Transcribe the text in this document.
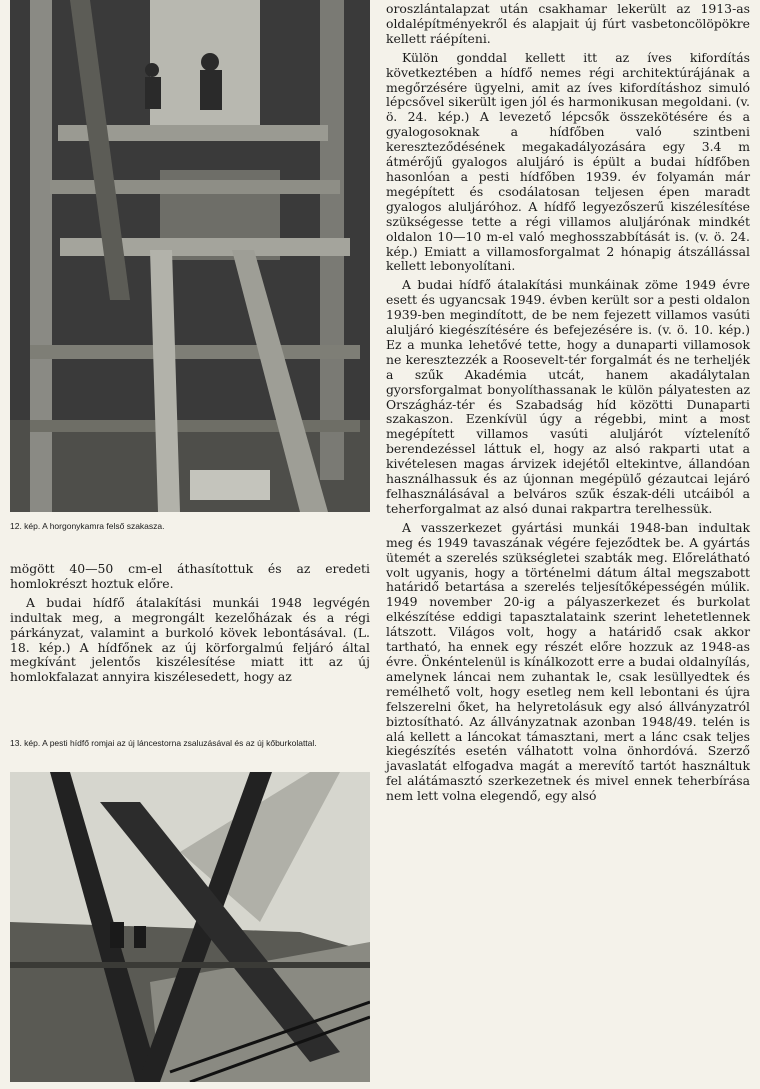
12. kép. A horgonykamra felső szakasza.

mögött 40—50 cm-el áthasítottuk és az eredeti homlokrészt hoztuk előre.

A budai hídfő átalakítási munkái 1948 legvégén indultak meg, a megrongált kezelőházak és a régi párkányzat, valamint a burkoló kövek lebontásával. (L. 18. kép.) A hídfőnek az új körforgalmú feljáró által megkívánt jelentős kiszélesítése miatt itt az új homlokfalazat annyira kiszélesedett, hogy az

13. kép. A pesti hídfő romjai az új láncestorna zsaluzásával és az új kőburkolattal.

oroszlántalapzat után csakhamar lekerült az 1913-as oldalépítményekről és alapjait új fúrt vasbetoncölöpökre kellett ráépíteni.

Külön gonddal kellett itt az íves kifordítás következtében a hídfő nemes régi architektúrájának a megőrzésére ügyelni, amit az íves kifordításhoz simuló lépcsővel sikerült igen jól és harmonikusan megoldani. (v. ö. 24. kép.) A levezető lépcsők összekötésére és a gyalogosoknak a hídfőben való szintbeni kereszteződésének megakadályozására egy 3.4 m átmérőjű gyalogos aluljáró is épült a budai hídfőben hasonlóan a pesti hídfőben 1939. év folyamán már megépített és csodálatosan teljesen épen maradt gyalogos aluljáróhoz. A hídfő legyezőszerű kiszélesítése szükségesse tette a régi villamos aluljárónak mindkét oldalon 10—10 m-el való meghosszabbítását is. (v. ö. 24. kép.) Emiatt a villamosforgalmat 2 hónapig átszállással kellett lebonyolítani.

A budai hídfő átalakítási munkáinak zöme 1949 évre esett és ugyancsak 1949. évben került sor a pesti oldalon 1939-ben megindított, de be nem fejezett villamos vasúti aluljáró kiegészítésére és befejezésére is. (v. ö. 10. kép.) Ez a munka lehetővé tette, hogy a dunaparti villamosok ne keresztezzék a Roosevelt-tér forgalmát és ne terheljék a szűk Akadémia utcát, hanem akadálytalan gyorsforgalmat bonyolíthassanak le külön pályatesten az Országház-tér és Szabadság híd közötti Dunaparti szakaszon. Ezenkívül úgy a régebbi, mint a most megépített villamos vasúti aluljárót víztelenítő berendezéssel láttuk el, hogy az alsó rakparti utat a kivételesen magas árvizek idejétől eltekintve, állandóan használhassuk és az újonnan megépülő gézautcai lejáró felhasználásával a belváros szűk észak-déli utcáiból a teherforgalmat az alsó dunai rakpartra terelhessük.

A vasszerkezet gyártási munkái 1948-ban indultak meg és 1949 tavaszának végére fejeződtek be. A gyártás ütemét a szerelés szükségletei szabták meg. Előrelátható volt ugyanis, hogy a történelmi dátum által megszabott határidő betartása a szerelés teljesítőképességén múlik. 1949 november 20-ig a pályaszerkezet és burkolat elkészítése eddigi tapasztalataink szerint lehetetlennek látszott. Világos volt, hogy a határidő csak akkor tartható, ha ennek egy részét előre hozzuk az 1948-as évre. Önkéntelenül is kínálkozott erre a budai oldalnyílás, amelynek láncai nem zuhantak le, csak lesüllyedtek és remélhető volt, hogy esetleg nem kell lebontani és újra felszerelni őket, ha helyretolásuk egy alsó állványzatról biztosítható. Az állványzatnak azonban 1948/49. telén is alá kellett a láncokat támasztani, mert a lánc csak teljes kiegészítés esetén válhatott volna önhordóvá. Szerző javaslatát elfogadva magát a merevítő tartót használtuk fel alátámasztó szerkezetnek és mivel ennek teherbírása nem lett volna elegendő, egy alsó
